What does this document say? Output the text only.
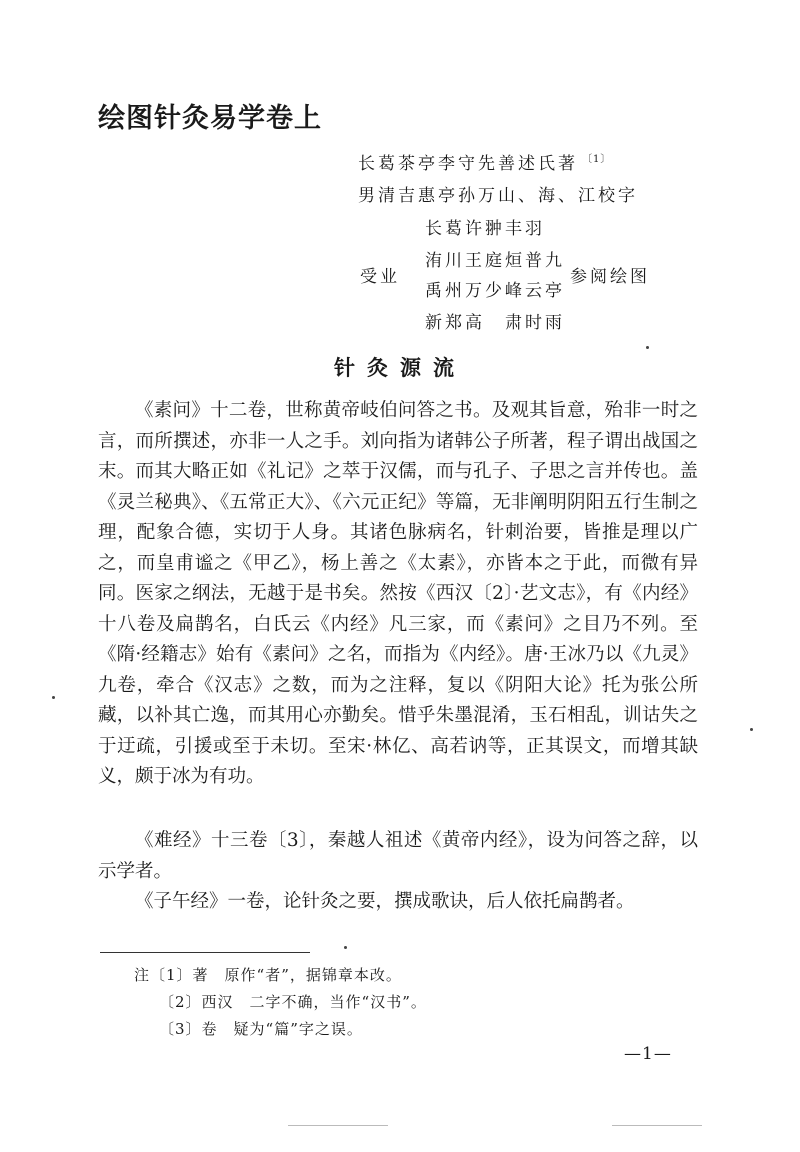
绘图针灸易学卷上
长葛茶亭李守先善述氏著 $^{〔1〕}$
男清吉惠亭孙万山、海、江校字
长葛许翀丰羽
受业
洧川王庭烜普九
禹州万少峰云亭
参阅绘图
新郑高　肃时雨
针灸源流

《素问》十二卷，世称黄帝岐伯问答之书。及观其旨意，殆非一时之言，而所撰述，亦非一人之手。刘向指为诸韩公子所著，程子谓出战国之末。而其大略正如《礼记》之萃于汉儒，而与孔子、子思之言并传也。盖《灵兰秘典》、《五常正大》、《六元正纪》等篇，无非阐明阴阳五行生制之理，配象合德，实切于人身。其诸色脉病名，针刺治要，皆推是理以广之，而皇甫谧之《甲乙》，杨上善之《太素》，亦皆本之于此，而微有异同。医家之纲法，无越于是书矣。然按《西汉〔2〕·艺文志》，有《内经》十八卷及扁鹊名，白氏云《内经》凡三家，而《素问》之目乃不列。至《隋·经籍志》始有《素问》之名，而指为《内经》。唐·王冰乃以《九灵》九卷，牵合《汉志》之数，而为之注释，复以《阴阳大论》托为张公所藏，以补其亡逸，而其用心亦勤矣。惜乎朱墨混淆，玉石相乱，训诂失之于迂疏，引援或至于未切。至宋·林亿、高若讷等，正其误文，而增其缺义，颇于冰为有功。

《难经》十三卷〔3〕，秦越人祖述《黄帝内经》，设为问答之辞，以示学者。

《子午经》一卷，论针灸之要，撰成歌诀，后人依托扁鹊者。

注〔1〕著　原作“者”，据锦章本改。
〔2〕西汉　二字不确，当作“汉书”。
〔3〕卷　疑为“篇”字之误。
—1—
